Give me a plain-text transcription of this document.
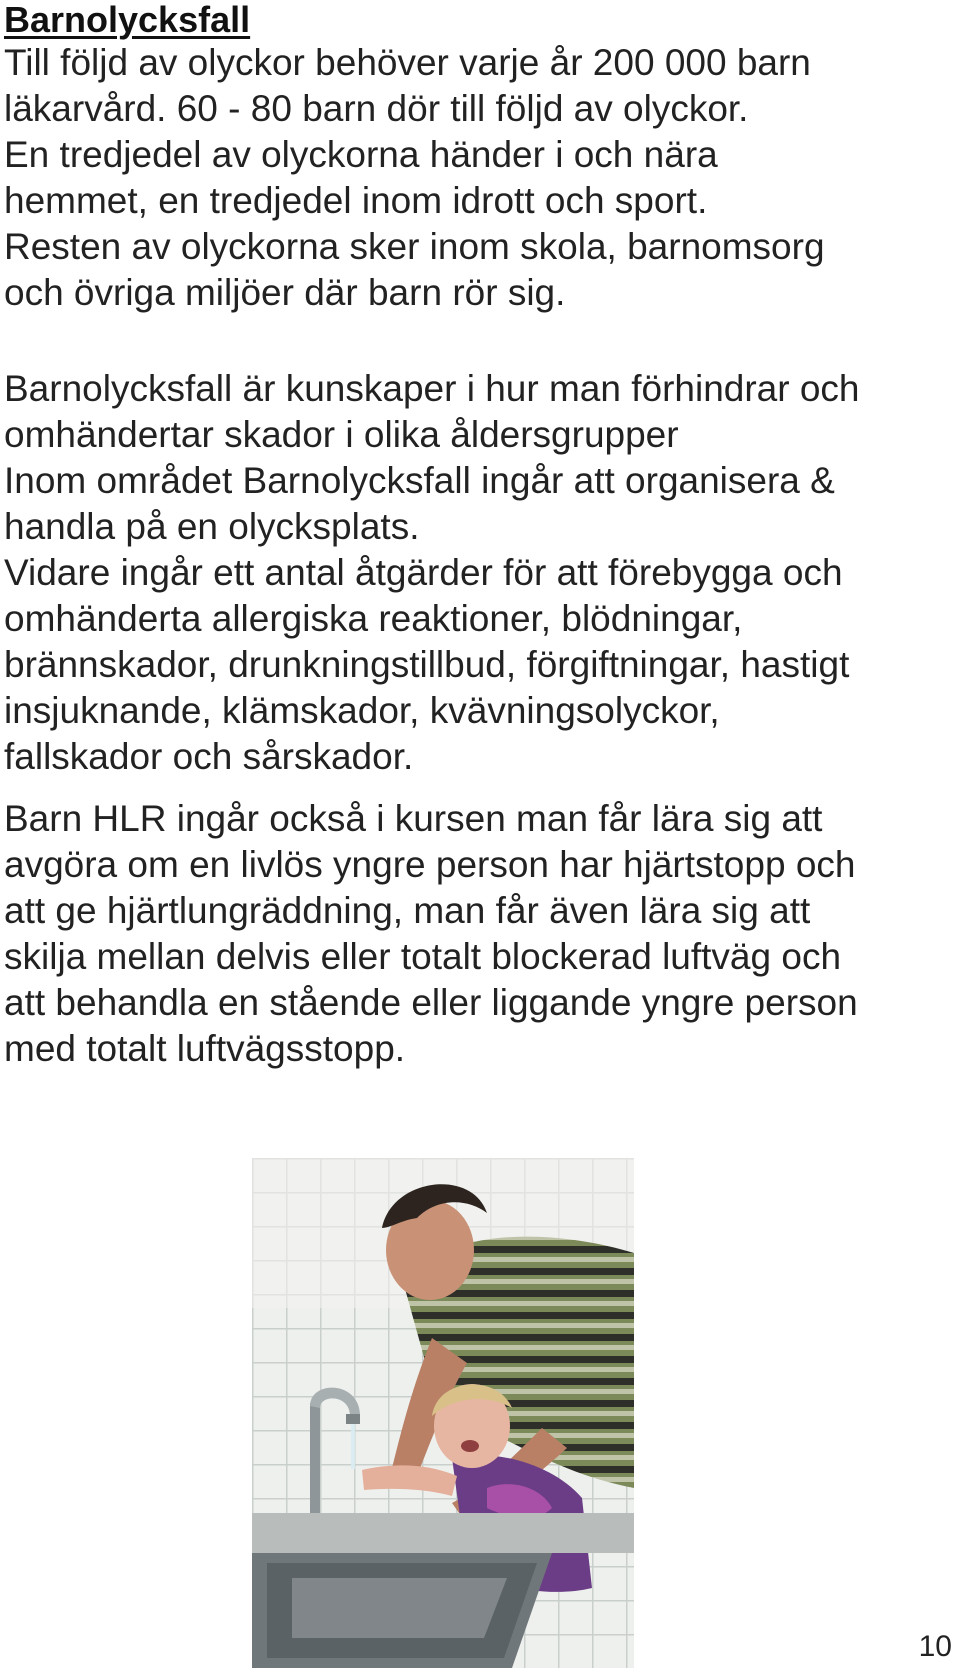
Barnolycksfall

Till följd av olyckor behöver varje år 200 000 barn
läkarvård. 60 - 80 barn dör till följd av olyckor.
En tredjedel av olyckorna händer i och nära
hemmet, en tredjedel inom idrott och sport.
Resten av olyckorna sker inom skola, barnomsorg
och övriga miljöer där barn rör sig.

Barnolycksfall är kunskaper i hur man förhindrar och
omhändertar skador i olika åldersgrupper
Inom området Barnolycksfall ingår att organisera &
handla på en olycksplats.
Vidare ingår ett antal åtgärder för att förebygga och
omhänderta allergiska reaktioner, blödningar,
brännskador, drunkningstillbud, förgiftningar, hastigt
insjuknande, klämskador, kvävningsolyckor,
fallskador och sårskador.

Barn HLR ingår också i kursen man får lära sig att
avgöra om en livlös yngre person har hjärtstopp och
att ge hjärtlungräddning, man får även lära sig att
skilja mellan delvis eller totalt blockerad luftväg och
att behandla en stående eller liggande yngre person
med totalt luftvägsstopp.

10
